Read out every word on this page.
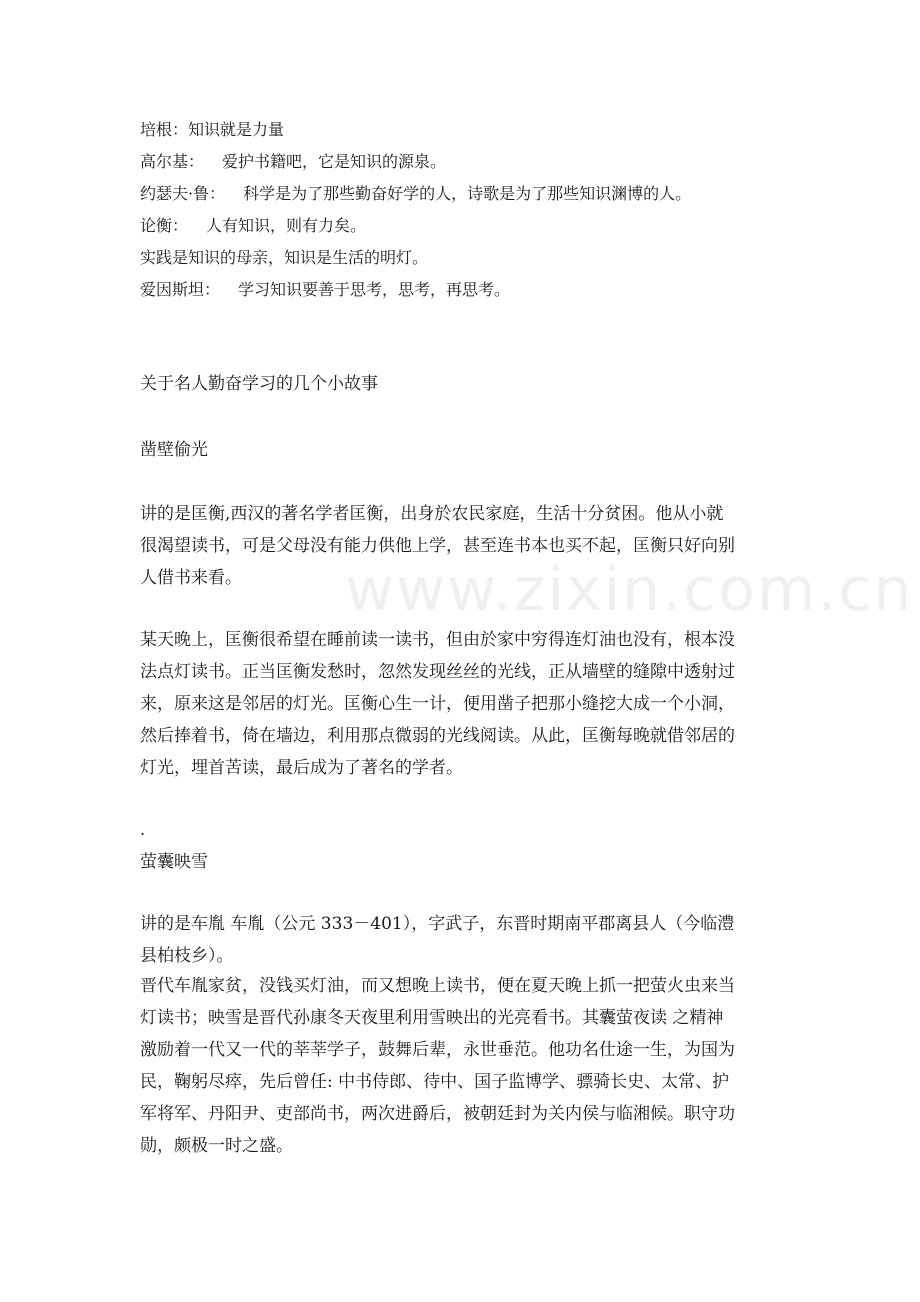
www.zixin.com.cn

培根：知识就是力量

高尔基： 爱护书籍吧，它是知识的源泉。

约瑟夫·鲁： 科学是为了那些勤奋好学的人，诗歌是为了那些知识渊博的人。

论衡： 人有知识，则有力矣。

实践是知识的母亲，知识是生活的明灯。

爱因斯坦： 学习知识要善于思考，思考，再思考。

关于名人勤奋学习的几个小故事
凿壁偷光

讲的是匡衡,西汉的著名学者匡衡，出身於农民家庭，生活十分贫困。他从小就
很渴望读书，可是父母没有能力供他上学，甚至连书本也买不起，匡衡只好向别
人借书来看。

某天晚上，匡衡很希望在睡前读一读书，但由於家中穷得连灯油也没有，根本没
法点灯读书。正当匡衡发愁时，忽然发现丝丝的光线，正从墙壁的缝隙中透射过
来，原来这是邻居的灯光。匡衡心生一计，便用凿子把那小缝挖大成一个小洞，
然后捧着书，倚在墙边，利用那点微弱的光线阅读。从此，匡衡每晚就借邻居的
灯光，埋首苦读，最后成为了著名的学者。

.
萤囊映雪

讲的是车胤 车胤（公元 333－401），字武子，东晋时期南平郡离县人（今临澧
县柏枝乡）。

晋代车胤家贫，没钱买灯油，而又想晚上读书，便在夏天晚上抓一把萤火虫来当
灯读书；映雪是晋代孙康冬天夜里利用雪映出的光亮看书。其囊萤夜读 之精神
激励着一代又一代的莘莘学子，鼓舞后辈，永世垂范。他功名仕途一生，为国为
民，鞠躬尽瘁，先后曾任: 中书侍郎、待中、国子监博学、骠骑长史、太常、护
军将军、丹阳尹、吏部尚书，两次进爵后，被朝廷封为关内侯与临湘候。职守功
勋，颇极一时之盛。
